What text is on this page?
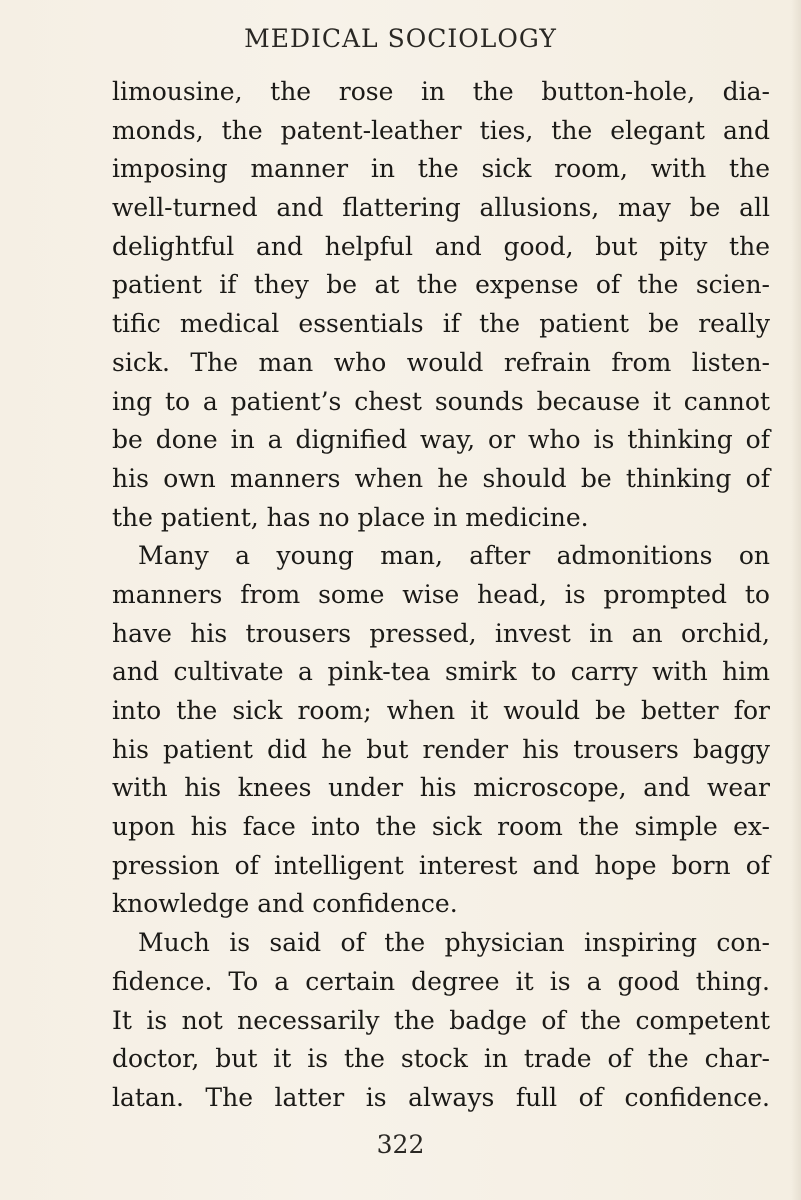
MEDICAL SOCIOLOGY
limousine, the rose in the button-hole, dia-
monds, the patent-leather ties, the elegant and
imposing manner in the sick room, with the
well-turned and flattering allusions, may be all
delightful and helpful and good, but pity the
patient if they be at the expense of the scien-
tific medical essentials if the patient be really
sick. The man who would refrain from listen-
ing to a patient’s chest sounds because it cannot
be done in a dignified way, or who is thinking of
his own manners when he should be thinking of
the patient, has no place in medicine.
Many a young man, after admonitions on
manners from some wise head, is prompted to
have his trousers pressed, invest in an orchid,
and cultivate a pink-tea smirk to carry with him
into the sick room; when it would be better for
his patient did he but render his trousers baggy
with his knees under his microscope, and wear
upon his face into the sick room the simple ex-
pression of intelligent interest and hope born of
knowledge and confidence.
Much is said of the physician inspiring con-
fidence. To a certain degree it is a good thing.
It is not necessarily the badge of the competent
doctor, but it is the stock in trade of the char-
latan. The latter is always full of confidence.
322
